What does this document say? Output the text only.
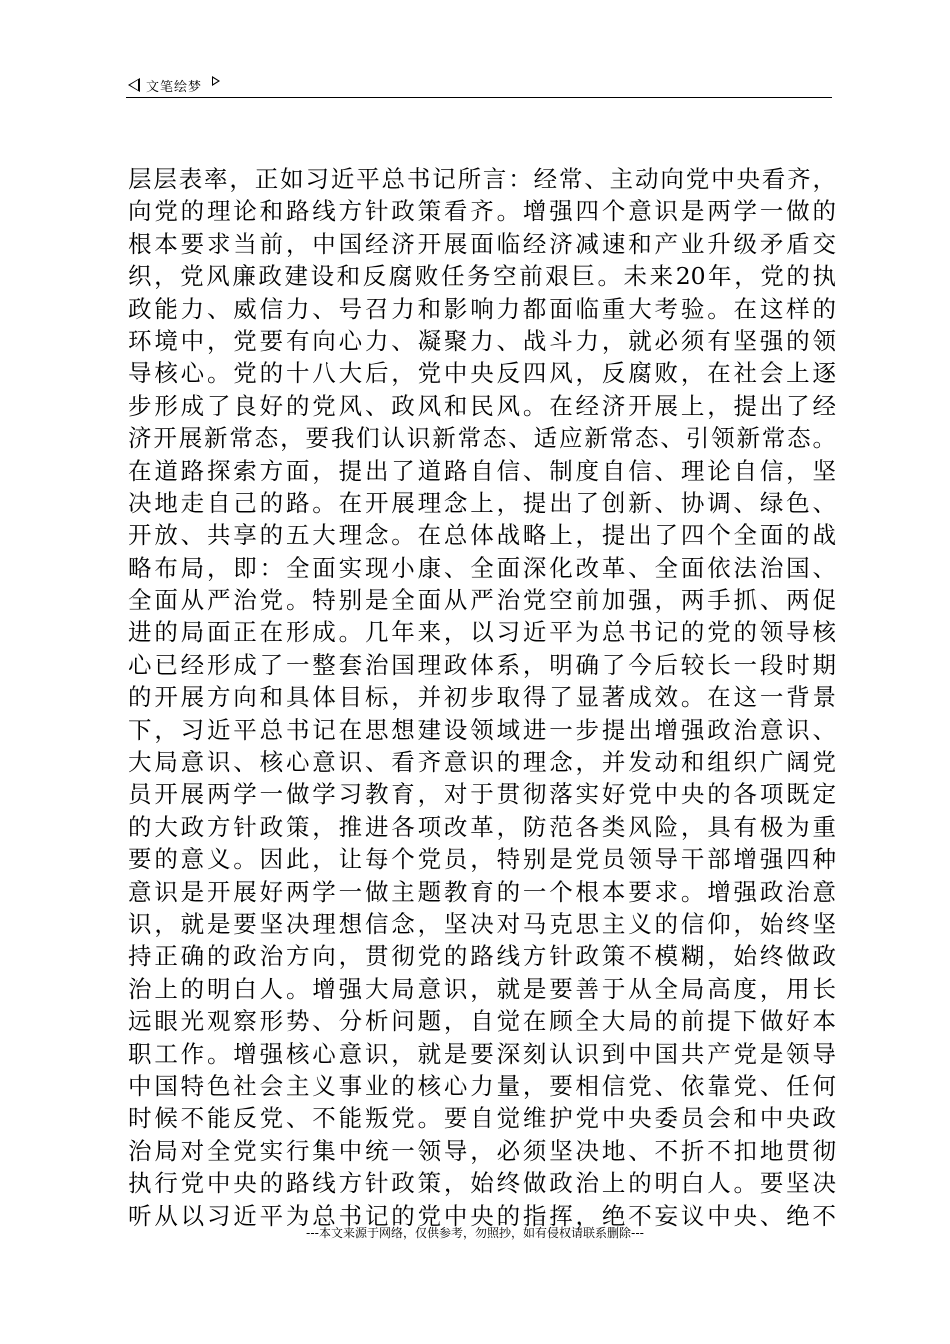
文笔绘梦
层层表率，正如习近平总书记所言：经常、主动向党中央看齐，
向党的理论和路线方针政策看齐。增强四个意识是两学一做的
根本要求当前，中国经济开展面临经济减速和产业升级矛盾交
织，党风廉政建设和反腐败任务空前艰巨。未来20年，党的执
政能力、威信力、号召力和影响力都面临重大考验。在这样的
环境中，党要有向心力、凝聚力、战斗力，就必须有坚强的领
导核心。党的十八大后，党中央反四风，反腐败，在社会上逐
步形成了良好的党风、政风和民风。在经济开展上，提出了经
济开展新常态，要我们认识新常态、适应新常态、引领新常态。
在道路探索方面，提出了道路自信、制度自信、理论自信，坚
决地走自己的路。在开展理念上，提出了创新、协调、绿色、
开放、共享的五大理念。在总体战略上，提出了四个全面的战
略布局，即：全面实现小康、全面深化改革、全面依法治国、
全面从严治党。特别是全面从严治党空前加强，两手抓、两促
进的局面正在形成。几年来，以习近平为总书记的党的领导核
心已经形成了一整套治国理政体系，明确了今后较长一段时期
的开展方向和具体目标，并初步取得了显著成效。在这一背景
下，习近平总书记在思想建设领域进一步提出增强政治意识、
大局意识、核心意识、看齐意识的理念，并发动和组织广阔党
员开展两学一做学习教育，对于贯彻落实好党中央的各项既定
的大政方针政策，推进各项改革，防范各类风险，具有极为重
要的意义。因此，让每个党员，特别是党员领导干部增强四种
意识是开展好两学一做主题教育的一个根本要求。增强政治意
识，就是要坚决理想信念，坚决对马克思主义的信仰，始终坚
持正确的政治方向，贯彻党的路线方针政策不模糊，始终做政
治上的明白人。增强大局意识，就是要善于从全局高度，用长
远眼光观察形势、分析问题，自觉在顾全大局的前提下做好本
职工作。增强核心意识，就是要深刻认识到中国共产党是领导
中国特色社会主义事业的核心力量，要相信党、依靠党、任何
时候不能反党、不能叛党。要自觉维护党中央委员会和中央政
治局对全党实行集中统一领导，必须坚决地、不折不扣地贯彻
执行党中央的路线方针政策，始终做政治上的明白人。要坚决
听从以习近平为总书记的党中央的指挥，绝不妄议中央、绝不
---本文来源于网络，仅供参考，勿照抄，如有侵权请联系删除---
